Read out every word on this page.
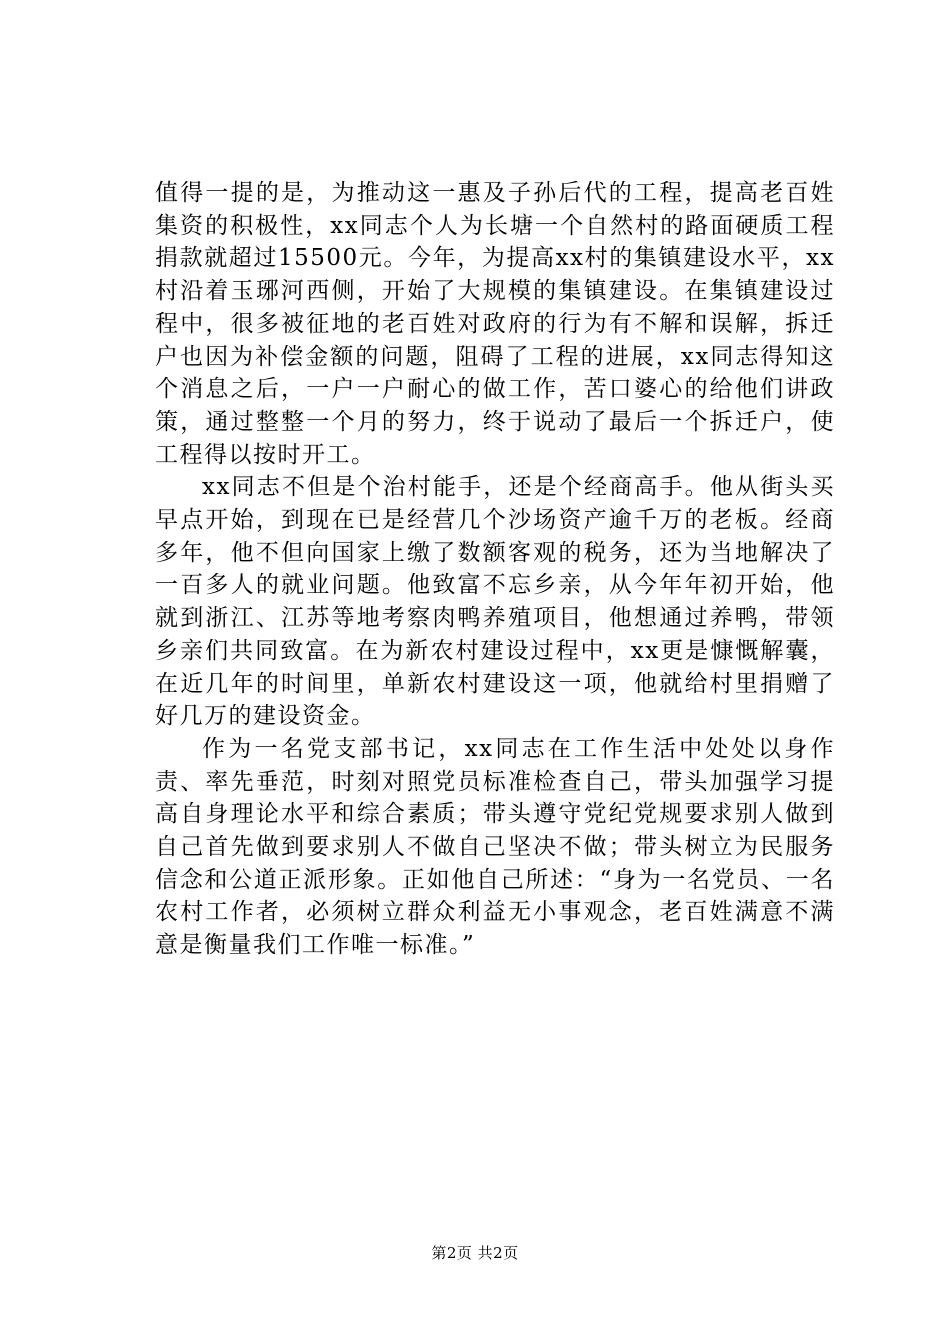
值得一提的是，为推动这一惠及子孙后代的工程，提高老百姓集资的积极性，xx同志个人为长塘一个自然村的路面硬质工程捐款就超过15500元。今年，为提高xx村的集镇建设水平，xx村沿着玉琊河西侧，开始了大规模的集镇建设。在集镇建设过程中，很多被征地的老百姓对政府的行为有不解和误解，拆迁户也因为补偿金额的问题，阻碍了工程的进展，xx同志得知这个消息之后，一户一户耐心的做工作，苦口婆心的给他们讲政策，通过整整一个月的努力，终于说动了最后一个拆迁户，使工程得以按时开工。

xx同志不但是个治村能手，还是个经商高手。他从街头买早点开始，到现在已是经营几个沙场资产逾千万的老板。经商多年，他不但向国家上缴了数额客观的税务，还为当地解决了一百多人的就业问题。他致富不忘乡亲，从今年年初开始，他就到浙江、江苏等地考察肉鸭养殖项目，他想通过养鸭，带领乡亲们共同致富。在为新农村建设过程中，xx更是慷慨解囊，在近几年的时间里，单新农村建设这一项，他就给村里捐赠了好几万的建设资金。

作为一名党支部书记，xx同志在工作生活中处处以身作责、率先垂范，时刻对照党员标准检查自己，带头加强学习提高自身理论水平和综合素质；带头遵守党纪党规要求别人做到自己首先做到要求别人不做自己坚决不做；带头树立为民服务信念和公道正派形象。正如他自己所述：“身为一名党员、一名农村工作者，必须树立群众利益无小事观念，老百姓满意不满意是衡量我们工作唯一标准。”

第2页 共2页
